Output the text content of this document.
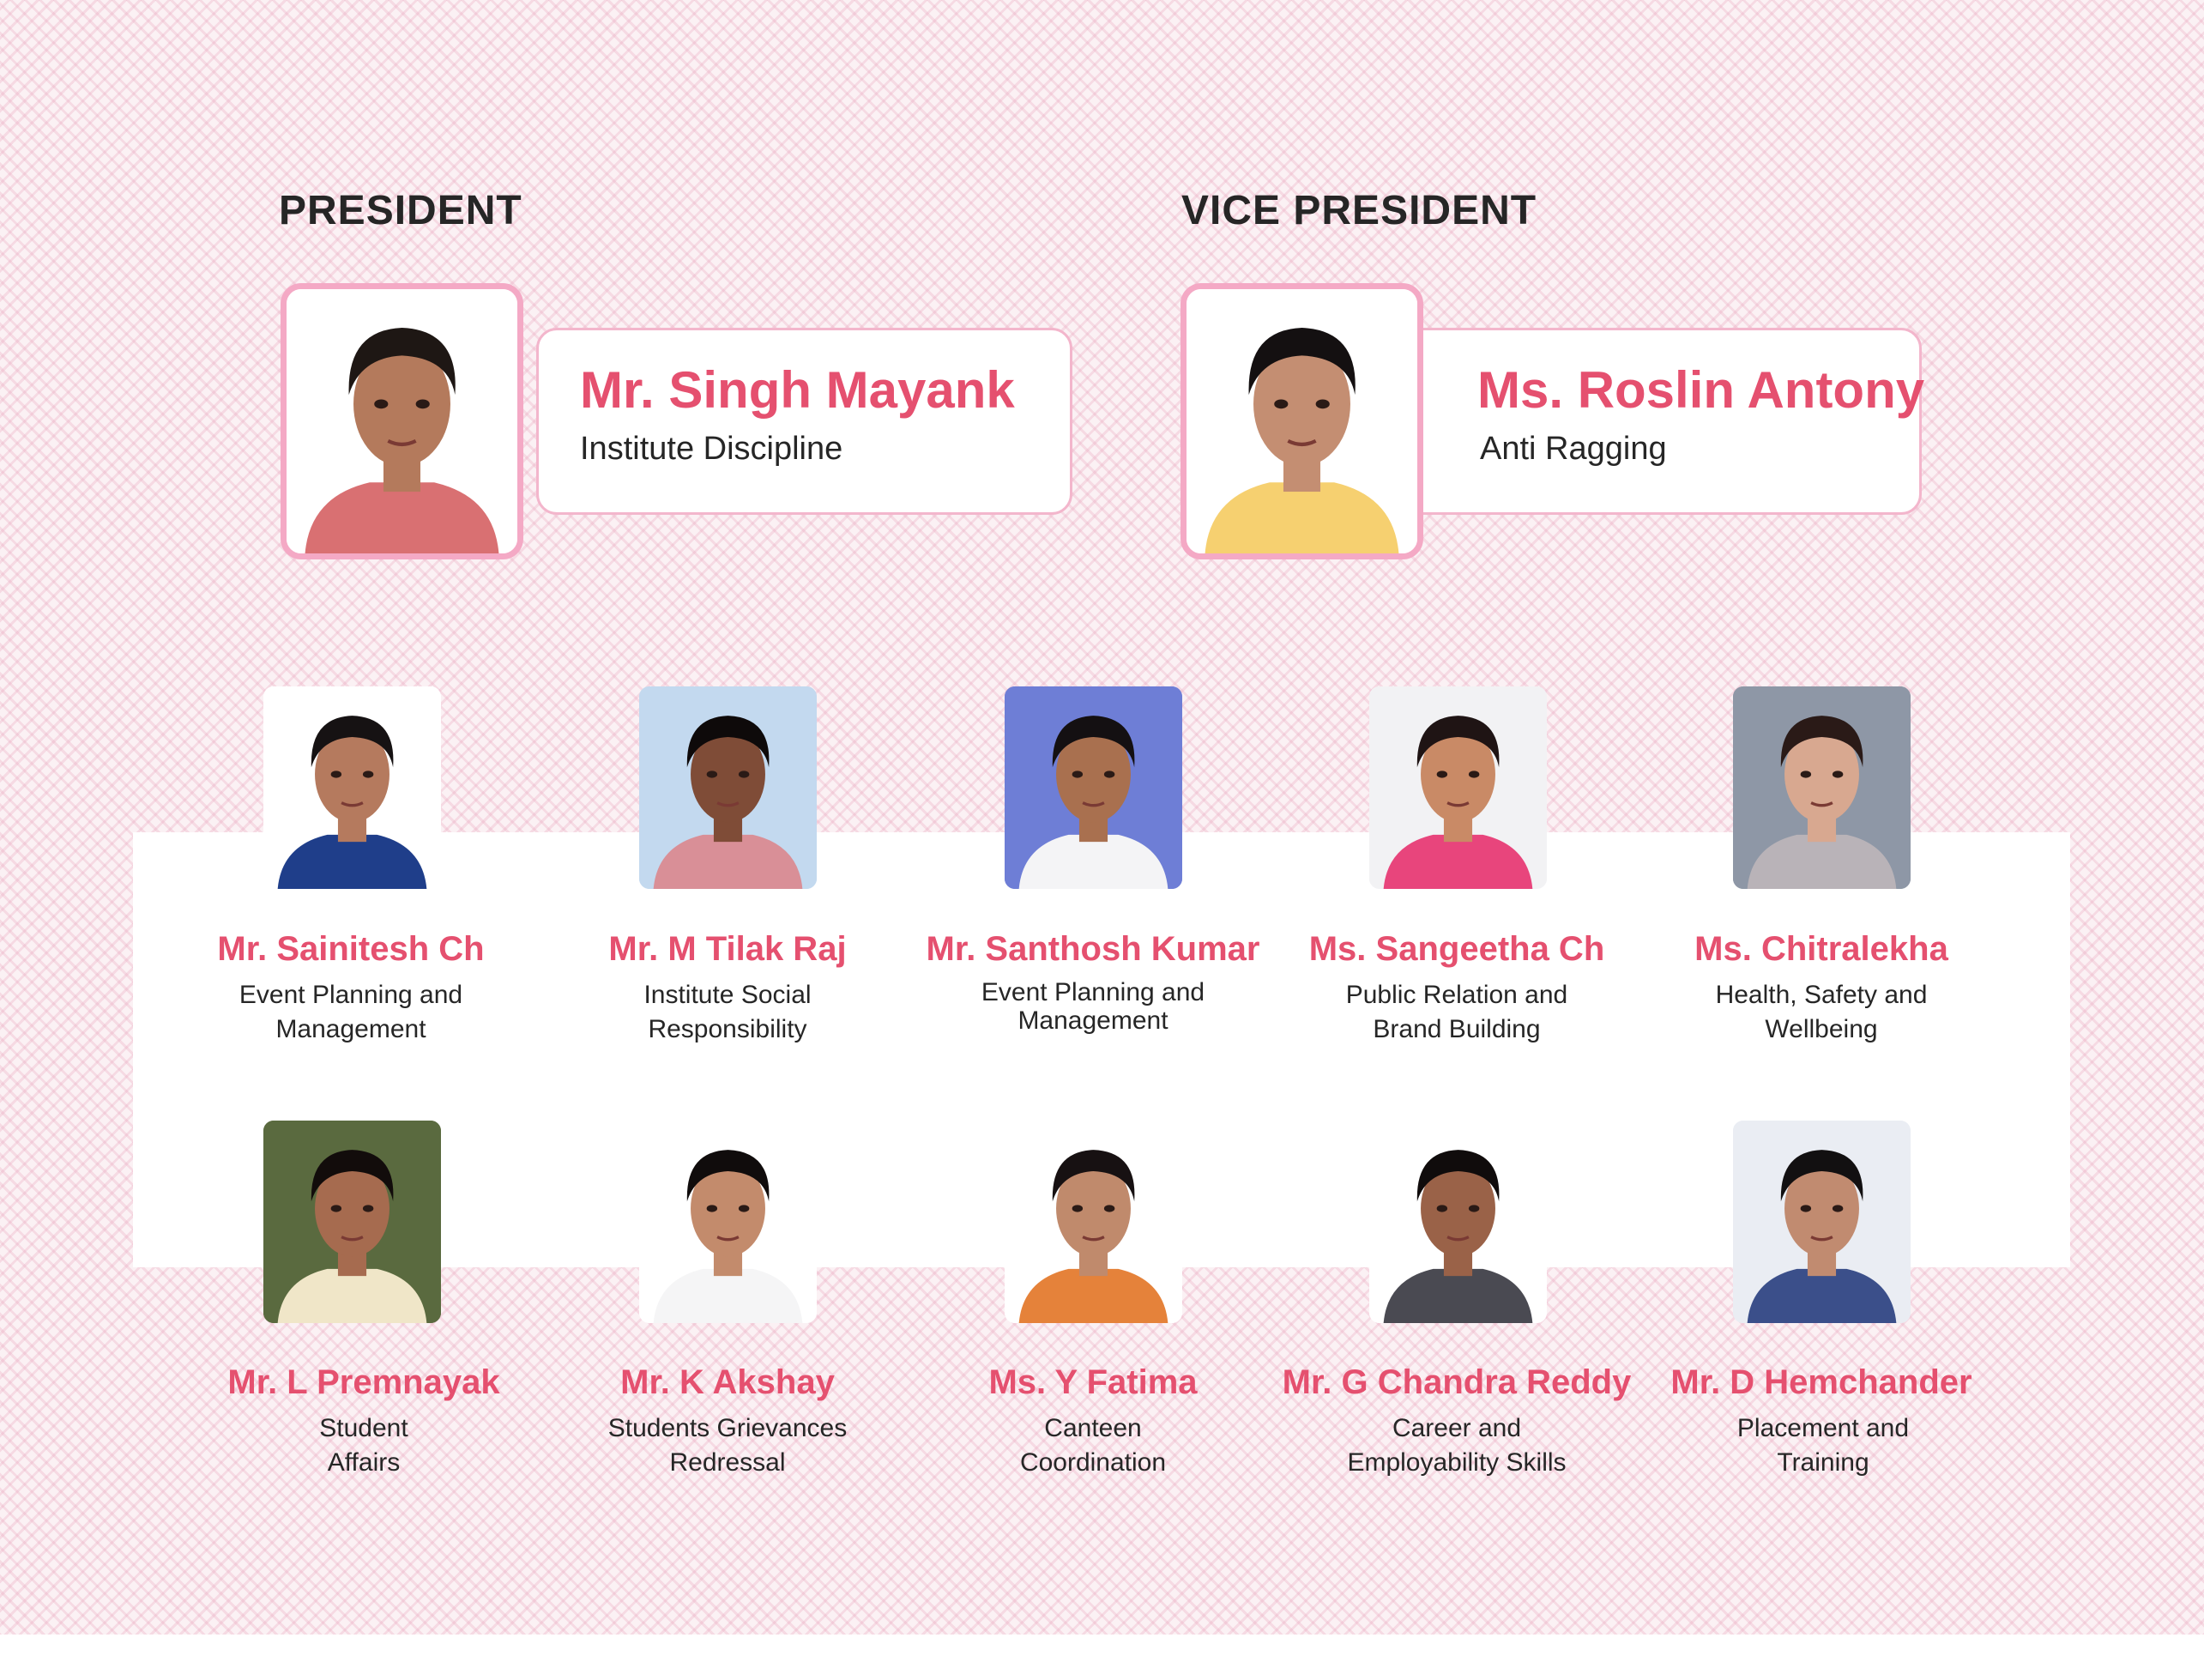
PRESIDENT
Mr. Singh Mayank
Institute Discipline
VICE PRESIDENT
Ms. Roslin Antony
Anti Ragging
Mr. Sainitesh Ch
Event Planning and
Management
Mr. M Tilak Raj
Institute Social
Responsibility
Mr. Santhosh Kumar
Event Planning and
Management
Ms. Sangeetha Ch
Public Relation and
Brand Building
Ms. Chitralekha
Health, Safety and
Wellbeing
Mr. L Premnayak
Student
Affairs
Mr. K Akshay
Students Grievances
Redressal
Ms. Y Fatima
Canteen
Coordination
Mr. G Chandra Reddy
Career and
Employability Skills
Mr. D Hemchander
Placement and
Training
